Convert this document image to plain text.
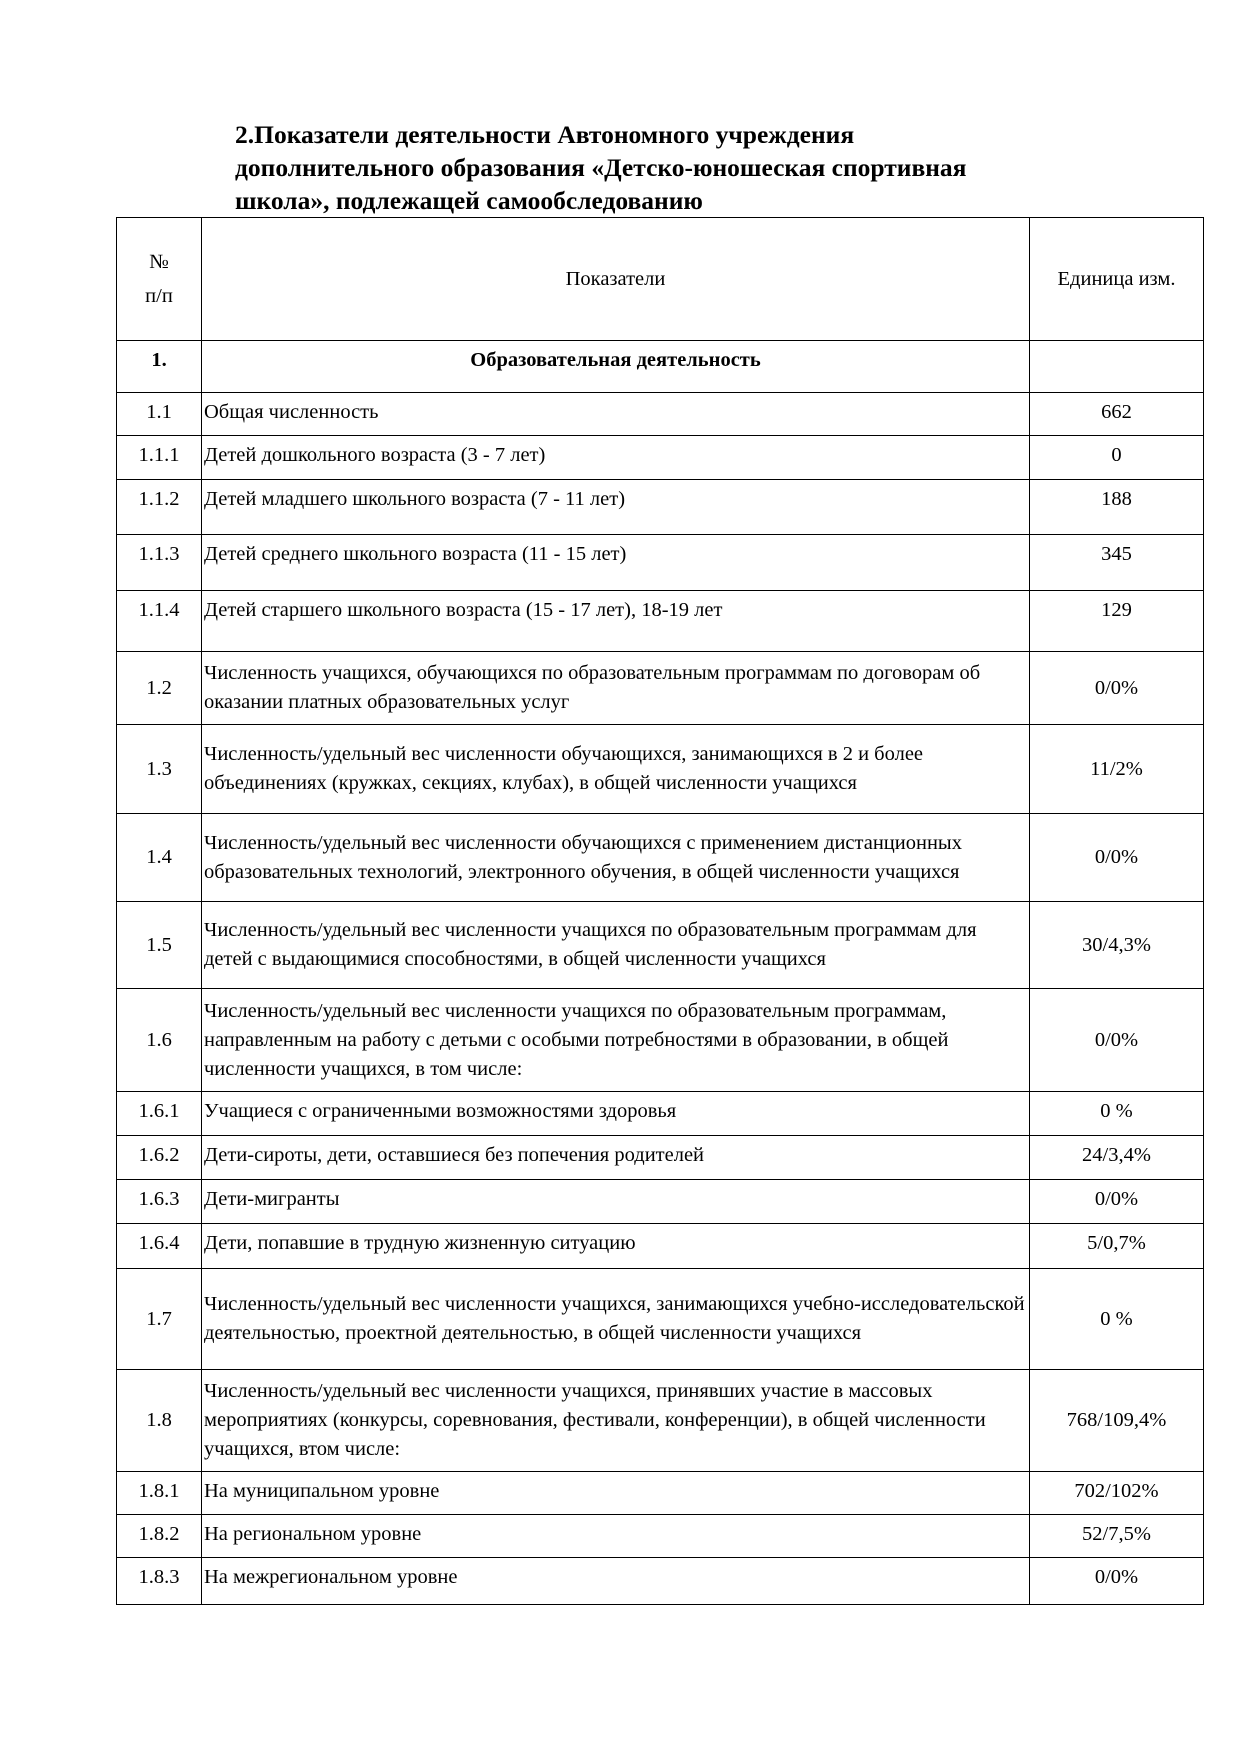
2.Показатели деятельности Автономного учреждения
дополнительного образования «Детско-юношеская спортивная
школа», подлежащей самообследованию
№
п/п	Показатели	Единица изм.
1.	Образовательная деятельность	
1.1	Общая численность	662
1.1.1	Детей дошкольного возраста (3 - 7 лет)	0
1.1.2	Детей младшего школьного возраста (7 - 11 лет)	188
1.1.3	Детей среднего школьного возраста (11 - 15 лет)	345
1.1.4	Детей старшего школьного возраста (15 - 17 лет), 18-19 лет	129
1.2	Численность учащихся, обучающихся по образовательным программам по договорам об оказании платных образовательных услуг	0/0%
1.3	Численность/удельный вес численности обучающихся, занимающихся в 2 и более объединениях (кружках, секциях, клубах), в общей численности учащихся	11/2%
1.4	Численность/удельный вес численности обучающихся с применением дистанционных образовательных технологий, электронного обучения, в общей численности учащихся	0/0%
1.5	Численность/удельный вес численности учащихся по образовательным программам для детей с выдающимися способностями, в общей численности учащихся	30/4,3%
1.6	Численность/удельный вес численности учащихся по образовательным программам, направленным на работу с детьми с особыми потребностями в образовании, в общей численности учащихся, в том числе:	0/0%
1.6.1	Учащиеся с ограниченными возможностями здоровья	0 %
1.6.2	Дети-сироты, дети, оставшиеся без попечения родителей	24/3,4%
1.6.3	Дети-мигранты	0/0%
1.6.4	Дети, попавшие в трудную жизненную ситуацию	5/0,7%
1.7	Численность/удельный вес численности учащихся, занимающихся учебно-исследовательской деятельностью, проектной деятельностью, в общей численности учащихся	0 %
1.8	Численность/удельный вес численности учащихся, принявших участие в массовых мероприятиях (конкурсы, соревнования, фестивали, конференции), в общей численности учащихся, втом числе:	768/109,4%
1.8.1	На муниципальном уровне	702/102%
1.8.2	На региональном уровне	52/7,5%
1.8.3	На межрегиональном уровне	0/0%
